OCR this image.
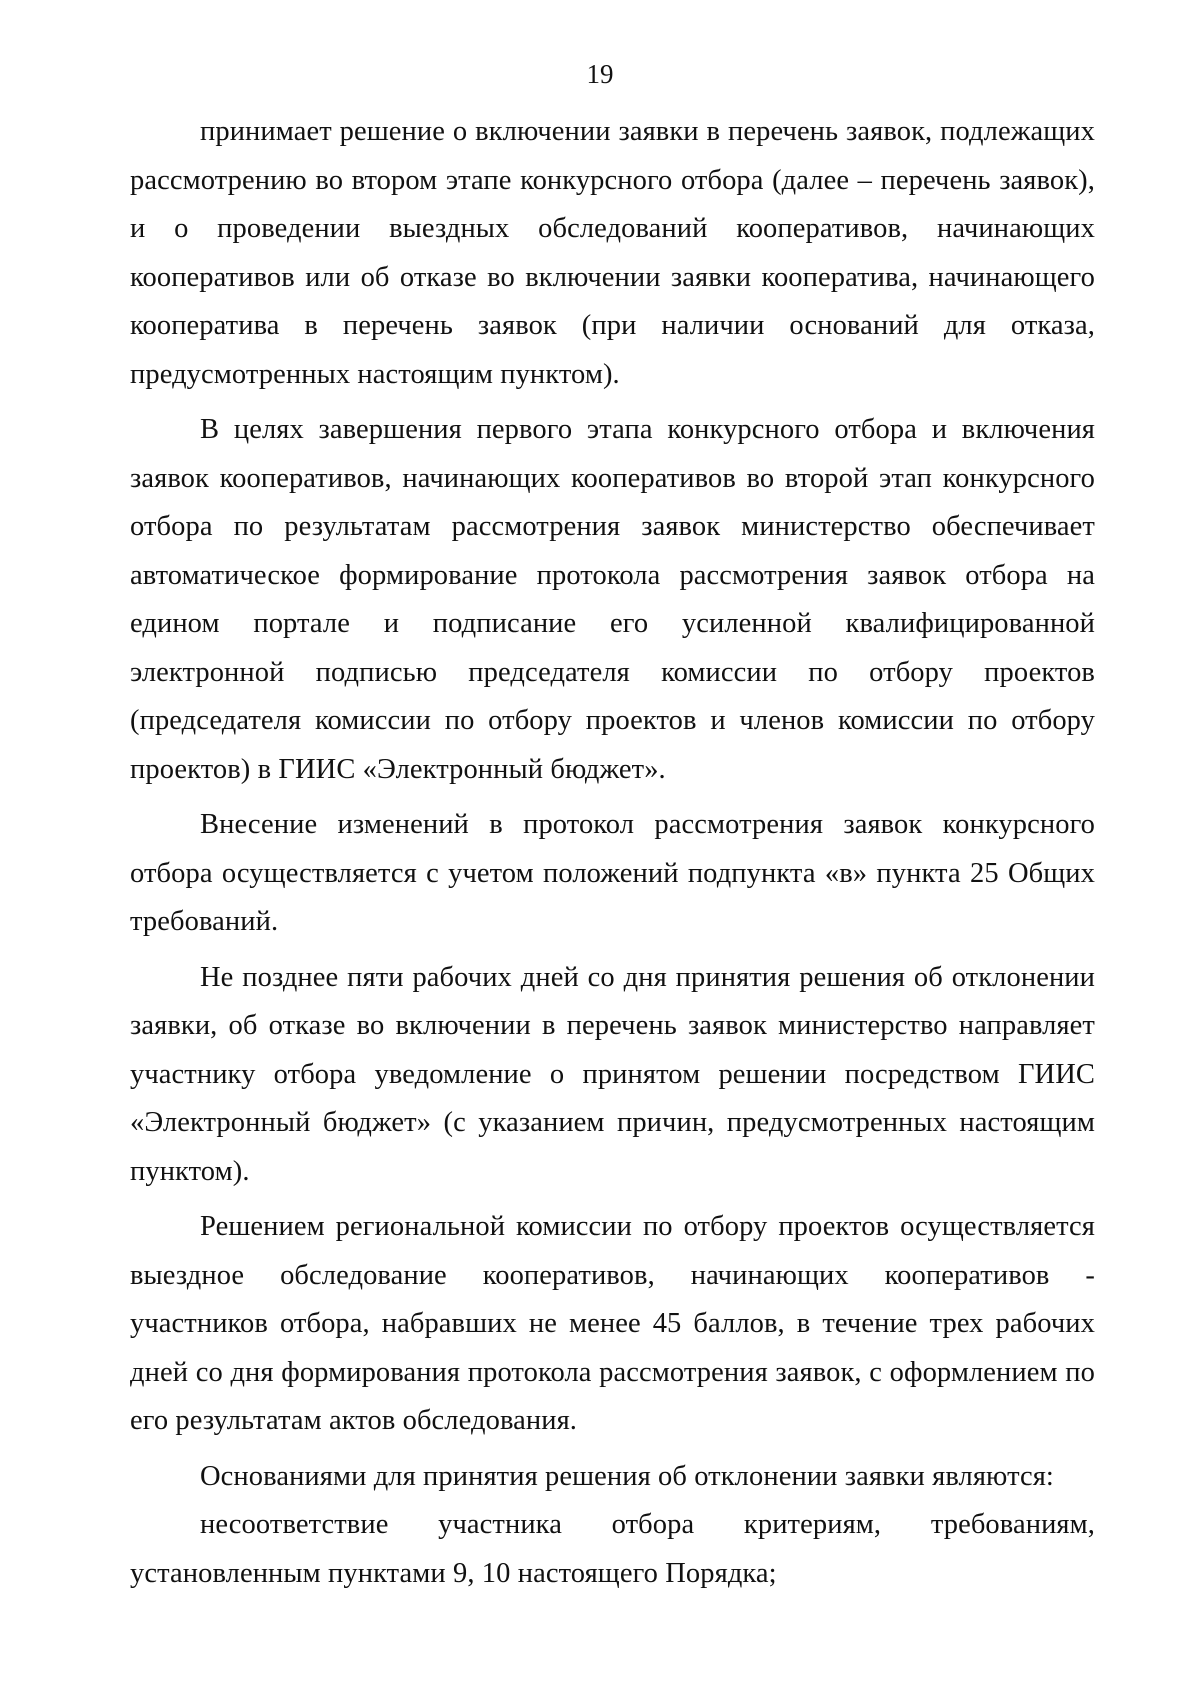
19

принимает решение о включении заявки в перечень заявок, подлежащих рассмотрению во втором этапе конкурсного отбора (далее – перечень заявок), и о проведении выездных обследований кооперативов, начинающих кооперативов или об отказе во включении заявки кооператива, начинающего кооператива в перечень заявок (при наличии оснований для отказа, предусмотренных настоящим пунктом).

В целях завершения первого этапа конкурсного отбора и включения заявок кооперативов, начинающих кооперативов во второй этап конкурсного отбора по результатам рассмотрения заявок министерство обеспечивает автоматическое формирование протокола рассмотрения заявок отбора на едином портале и подписание его усиленной квалифицированной электронной подписью председателя комиссии по отбору проектов (председателя комиссии по отбору проектов и членов комиссии по отбору проектов) в ГИИС «Электронный бюджет».

Внесение изменений в протокол рассмотрения заявок конкурсного отбора осуществляется с учетом положений подпункта «в» пункта 25 Общих требований.

Не позднее пяти рабочих дней со дня принятия решения об отклонении заявки, об отказе во включении в перечень заявок министерство направляет участнику отбора уведомление о принятом решении посредством ГИИС «Электронный бюджет» (с указанием причин, предусмотренных настоящим пунктом).

Решением региональной комиссии по отбору проектов осуществляется выездное обследование кооперативов, начинающих кооперативов - участников отбора, набравших не менее 45 баллов, в течение трех рабочих дней со дня формирования протокола рассмотрения заявок, с оформлением по его результатам актов обследования.

Основаниями для принятия решения об отклонении заявки являются:

несоответствие участника отбора критериям, требованиям, установленным пунктами 9, 10 настоящего Порядка;
